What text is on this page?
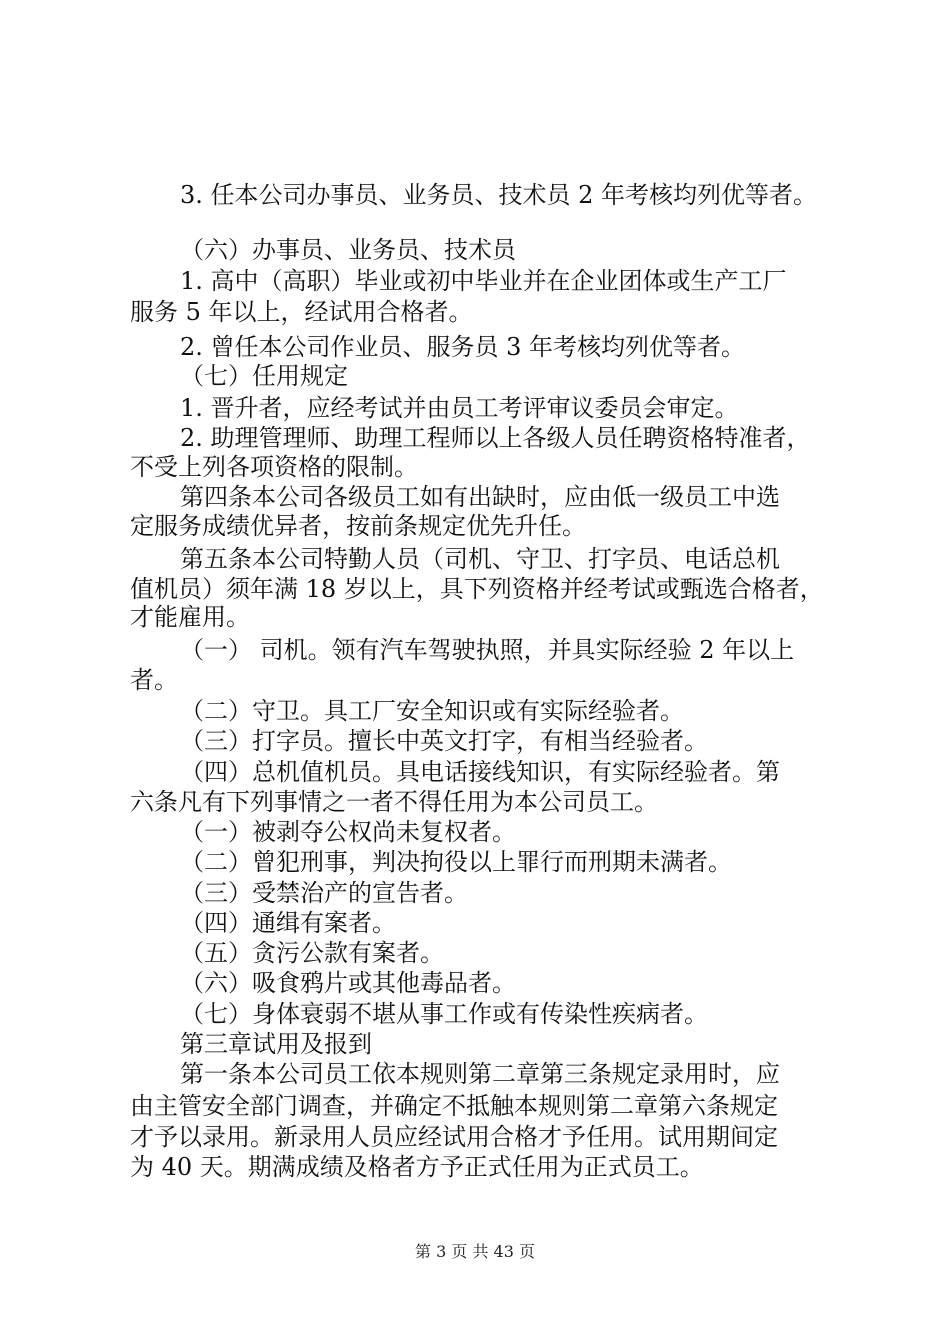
3. 任本公司办事员、业务员、技术员 2 年考核均列优等者。
（六）办事员、业务员、技术员
1. 高中（高职）毕业或初中毕业并在企业团体或生产工厂
服务 5 年以上，经试用合格者。
2. 曾任本公司作业员、服务员 3 年考核均列优等者。
（七）任用规定
1. 晋升者，应经考试并由员工考评审议委员会审定。
2. 助理管理师、助理工程师以上各级人员任聘资格特准者，
不受上列各项资格的限制。
第四条本公司各级员工如有出缺时，应由低一级员工中选
定服务成绩优异者，按前条规定优先升任。
第五条本公司特勤人员（司机、守卫、打字员、电话总机
值机员）须年满 18 岁以上，具下列资格并经考试或甄选合格者，
才能雇用。
（一） 司机。领有汽车驾驶执照，并具实际经验 2 年以上
者。
（二）守卫。具工厂安全知识或有实际经验者。
（三）打字员。擅长中英文打字，有相当经验者。
（四）总机值机员。具电话接线知识，有实际经验者。第
六条凡有下列事情之一者不得任用为本公司员工。
（一）被剥夺公权尚未复权者。
（二）曾犯刑事，判决拘役以上罪行而刑期未满者。
（三）受禁治产的宣告者。
（四）通缉有案者。
（五）贪污公款有案者。
（六）吸食鸦片或其他毒品者。
（七）身体衰弱不堪从事工作或有传染性疾病者。
第三章试用及报到
第一条本公司员工依本规则第二章第三条规定录用时，应
由主管安全部门调查，并确定不抵触本规则第二章第六条规定
才予以录用。新录用人员应经试用合格才予任用。试用期间定
为 40 天。期满成绩及格者方予正式任用为正式员工。
第 3 页 共 43 页
